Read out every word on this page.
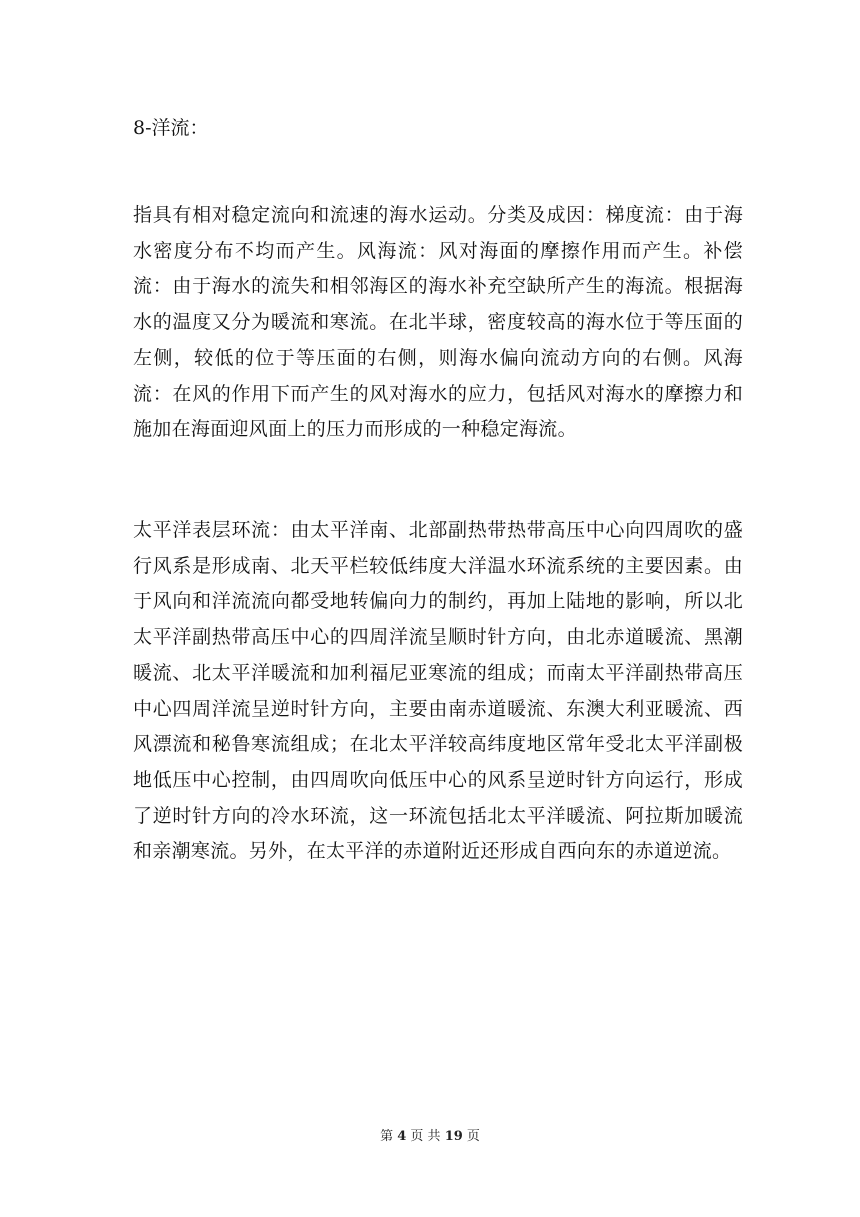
8-洋流：

指具有相对稳定流向和流速的海水运动。分类及成因：梯度流：由于海水密度分布不均而产生。风海流：风对海面的摩擦作用而产生。补偿流：由于海水的流失和相邻海区的海水补充空缺所产生的海流。根据海水的温度又分为暖流和寒流。在北半球，密度较高的海水位于等压面的左侧，较低的位于等压面的右侧，则海水偏向流动方向的右侧。风海流：在风的作用下而产生的风对海水的应力，包括风对海水的摩擦力和施加在海面迎风面上的压力而形成的一种稳定海流。

太平洋表层环流：由太平洋南、北部副热带热带高压中心向四周吹的盛行风系是形成南、北天平栏较低纬度大洋温水环流系统的主要因素。由于风向和洋流流向都受地转偏向力的制约，再加上陆地的影响，所以北太平洋副热带高压中心的四周洋流呈顺时针方向，由北赤道暖流、黑潮暖流、北太平洋暖流和加利福尼亚寒流的组成；而南太平洋副热带高压中心四周洋流呈逆时针方向，主要由南赤道暖流、东澳大利亚暖流、西风漂流和秘鲁寒流组成；在北太平洋较高纬度地区常年受北太平洋副极地低压中心控制，由四周吹向低压中心的风系呈逆时针方向运行，形成了逆时针方向的冷水环流，这一环流包括北太平洋暖流、阿拉斯加暖流和亲潮寒流。另外，在太平洋的赤道附近还形成自西向东的赤道逆流。

第 4 页 共 19 页
